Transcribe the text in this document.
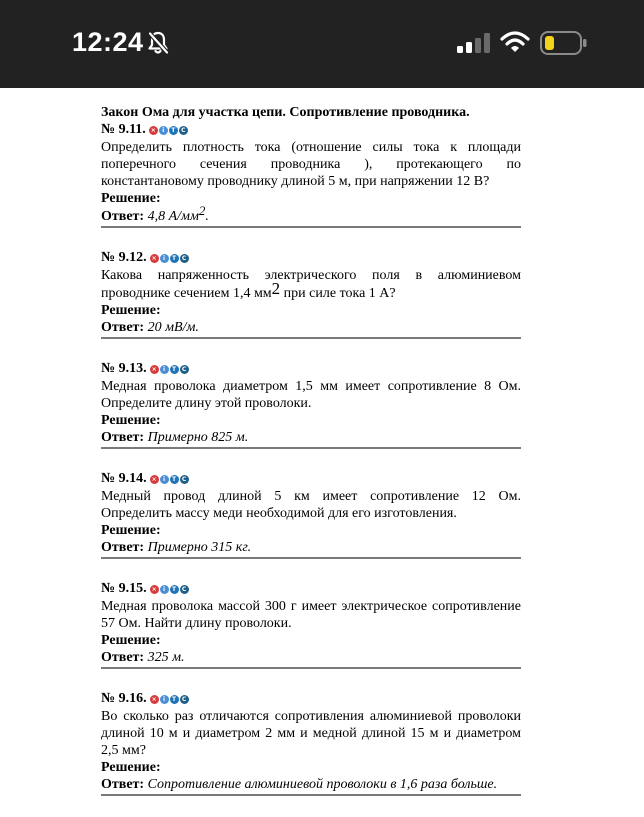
12:24
Закон Ома для участка цепи. Сопротивление проводника.
№ 9.11. ×	i	T C
Определить плотность тока (отношение силы тока к площади поперечного сечения проводника ), протекающего по константановому проводнику длиной 5 м, при напряжении 12 В?
Решение:
Ответ: 4,8 А/мм2.
№ 9.12. ×	i	T C
Какова напряженность электрического поля в алюминиевом проводнике сечением 1,4 мм2 при силе тока 1 А?
Решение:
Ответ: 20 мВ/м.
№ 9.13. ×	i	T C
Медная проволока диаметром 1,5 мм имеет сопротивление 8 Ом. Определите длину этой проволоки.
Решение:
Ответ: Примерно 825 м.
№ 9.14. ×	i	T C
Медный провод длиной 5 км имеет сопротивление 12 Ом. Определить массу меди необходимой для его изготовления.
Решение:
Ответ: Примерно 315 кг.
№ 9.15. ×	i	T C
Медная проволока массой 300 г имеет электрическое сопротивление 57 Ом. Найти длину проволоки.
Решение:
Ответ: 325 м.
№ 9.16. ×	i	T C
Во сколько раз отличаются сопротивления алюминиевой проволоки длиной 10 м и диаметром 2 мм и медной длиной 15 м и диаметром 2,5 мм?
Решение:
Ответ: Сопротивление алюминиевой проволоки в 1,6 раза больше.
